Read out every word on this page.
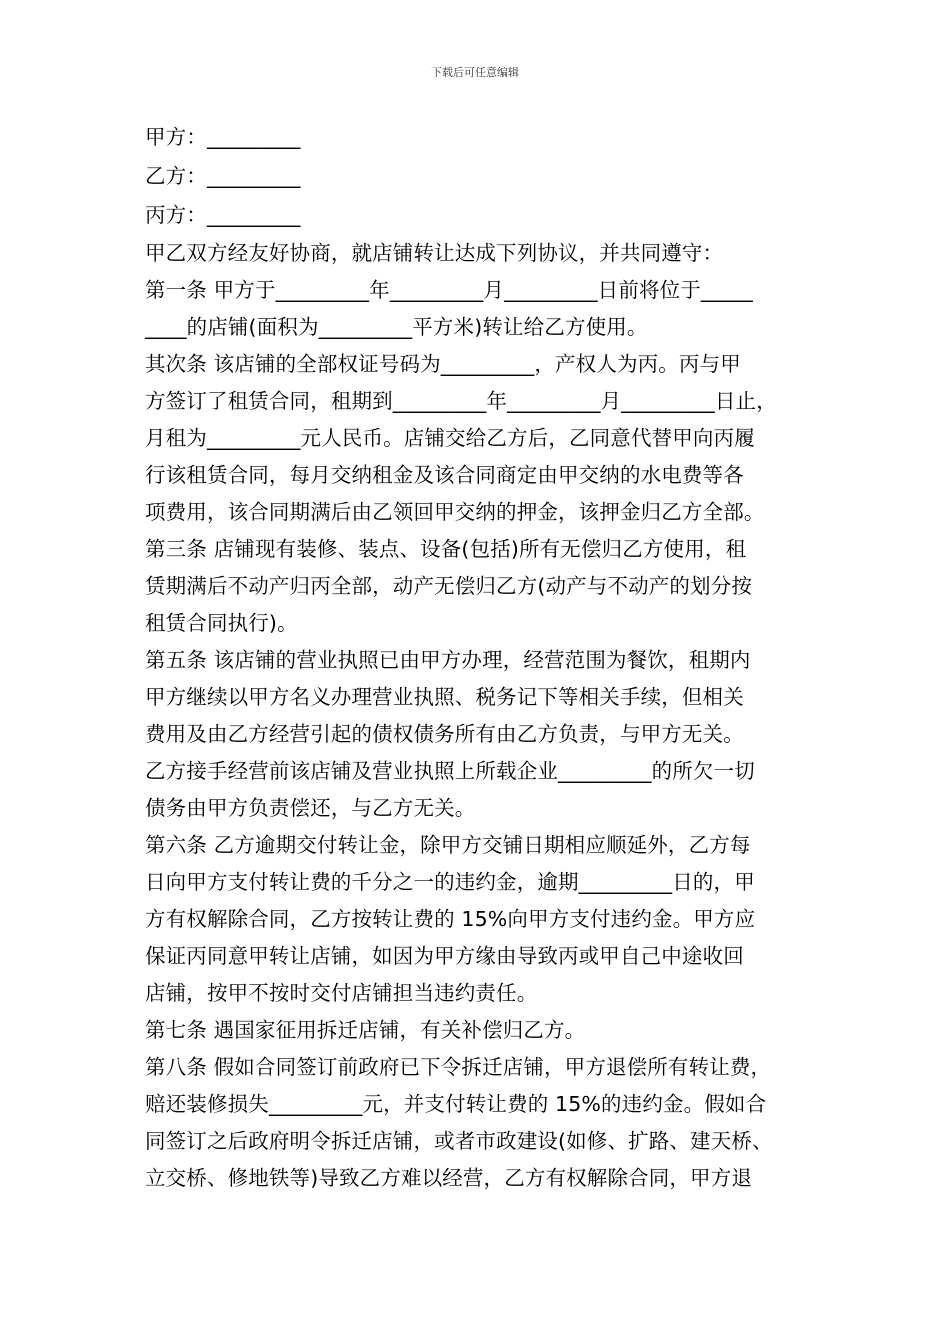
下载后可任意编辑
甲方：_________
乙方：_________
丙方：_________
甲乙双方经友好协商，就店铺转让达成下列协议，并共同遵守：
第一条 甲方于_________年_________月_________日前将位于_____
____的店铺(面积为_________平方米)转让给乙方使用。
其次条 该店铺的全部权证号码为_________，产权人为丙。丙与甲
方签订了租赁合同，租期到_________年_________月_________日止，
月租为_________元人民币。店铺交给乙方后，乙同意代替甲向丙履
行该租赁合同，每月交纳租金及该合同商定由甲交纳的水电费等各
项费用，该合同期满后由乙领回甲交纳的押金，该押金归乙方全部。
第三条 店铺现有装修、装点、设备(包括)所有无偿归乙方使用，租
赁期满后不动产归丙全部，动产无偿归乙方(动产与不动产的划分按
租赁合同执行)。
第五条 该店铺的营业执照已由甲方办理，经营范围为餐饮，租期内
甲方继续以甲方名义办理营业执照、税务记下等相关手续，但相关
费用及由乙方经营引起的债权债务所有由乙方负责，与甲方无关。
乙方接手经营前该店铺及营业执照上所载企业_________的所欠一切
债务由甲方负责偿还，与乙方无关。
第六条 乙方逾期交付转让金，除甲方交铺日期相应顺延外，乙方每
日向甲方支付转让费的千分之一的违约金，逾期_________日的，甲
方有权解除合同，乙方按转让费的 15%向甲方支付违约金。甲方应
保证丙同意甲转让店铺，如因为甲方缘由导致丙或甲自己中途收回
店铺，按甲不按时交付店铺担当违约责任。
第七条 遇国家征用拆迁店铺，有关补偿归乙方。
第八条 假如合同签订前政府已下令拆迁店铺，甲方退偿所有转让费，
赔还装修损失_________元，并支付转让费的 15%的违约金。假如合
同签订之后政府明令拆迁店铺，或者市政建设(如修、扩路、建天桥、
立交桥、修地铁等)导致乙方难以经营，乙方有权解除合同，甲方退
